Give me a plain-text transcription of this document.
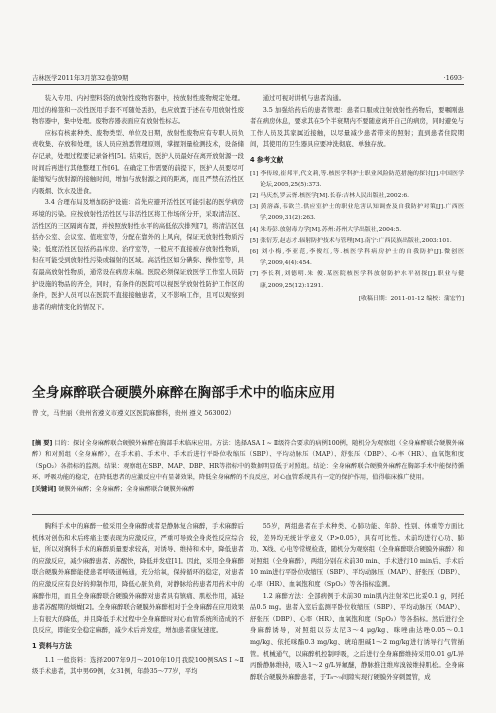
吉林医学2011年3月第32卷第9期	·1693·

装入专用、内衬塑料袋的放射性废物容器中，按放射性废物规定处理。用过的棉签和一次性医用手套不可随处丢扔，也应放置于述在专用放射性废物容器中，集中处理。废物容器表面应有放射性标志。

应标有核素种类、废物类型、单位及日期，放射性废物应有专职人员负责收集、存放和处理，该人员应熟悉管理原则，掌握剂量检测技术，设备储存记录，处理过程要记录备档[5]。结束后，医护人员最好在离开放射源一段时间后再进行其他整理工作[6]。在确定工作需要的前提下，医护人员要尽可能缩短与放射源的接触时间，增加与放射源之间的距离，而且严禁在活性区内吸烟、饮水及进食。

3.4 合理布局及增加防护设施：首先应避开活性区可能引起的医学病房环境的污染。应按放射性活性区与非活性区将工作场所分开，采取清洁区、活性区的三区隔离布置，并按照放射性水平的高低依次排列[7]，将清洁区包括办公室、会议室、值班室等，分配在靠外的上风向，保证无放射性物质污染；低度活性区包括药品库房、治疗室等，一般应不直接被存放射性物质，但在可能受到放射性污染或辐射的区域。高活性区如分碘弥、操作室等，具有最高放射性物质，通常设在病房末端。医院必须保证放医学工作室人员防护设施的物品的齐全，同时，有条件的医院可以视医学放射性防护工作区的条件，医护人员可以在医院不直接接触患者，又不影响工作，且可以观察到患者的病情变化的情况下。

通过可视对讲机与患者沟通。

3.5 加强给药后的患者管理：患者口服或注射放射性药物后，要嘱刚患者在病房休息，要求其在5个半衰期内不要随意离开自己的病房，同时避免与工作人员及其家属近接触，以尽量减少患者带来的照射；直到患者住院期间，其使用的卫生器具应要冲洗彻底、单独存放。

4 参考文献
[1] 李传琼,崔邦平,代文莉,等.核医学科护士职业风险防范措施的探讨[J].中国医学论坛,2005,25(5):373.
[2] 马庆杰,罗云胥.核医学[M].长春:吉林人民出版社,2002:6.
[3] 黄溶森,韦欲兰.供应室护士的职业危害认知调查及自我防护对策[J].广西医学,2009,31(2):263.
[4] 朱寿彭.放射毒力学[M].苏州:苏州大学出版社,2004:5.
[5] 张衍芳,赵志才.辐射防护技术与管理[M].南宁:广西民族出版社,2003:101.
[6] 刘小梅,李亚范,李俊红,等.核医学科病房护士的自我防护[J].微创医学,2009,4(4):454.
[7] 李长利,刘德明.朱 俊.某医院核医学科放射防护水平初探[J].职业与健康,2009,25(12):1291.
[收稿日期：2011-01-12 编校：蒲宏竹]
全身麻醉联合硬膜外麻醉在胸部手术中的临床应用
曾 文，马世丽（贵州省遵义市遵义区医院麻醉科，贵州 遵义 563002）
[摘 要] 目的：探讨全身麻醉联合硬膜外麻醉在胸部手术临床应用。方法：选择ASA I ~ Ⅱ级符合要求的病例100例，随机分为观察组（全身麻醉联合硬膜外麻醉）和对照组（全身麻醉），在手术前、手术中、手术后进行平卧位收缩压（SBP）、平均动脉压（MAP）、舒张压（DBP）、心率（HR）、血氧饱和度（SpO₂）各指标的监测。结果：观察组在SBP、MAP、DBP、HR等指标中的数据明显低于对照组。结论：全身麻醉联合硬膜外麻醉在胸部手术中能保持循环、呼吸功能的稳定，在降低患者的应激反应中有显著效果，降低全身麻醉的不良反应，对心血管系统具有一定的保护作用，值得临床推广使用。
[关键词] 硬膜外麻醉；全身麻醉；全身麻醉联合硬膜外麻醉

胸科手术中的麻醉一般采用全身麻醉或者是静脉复合麻醉，手术麻醉后机体对创伤和术后疼痛主要表现为应激反应，严重可导致全身炎性反应综合征，所以对胸科手术的麻醉质量要求较高，对诱导、维持和术中，降低患者的应激反应，减少麻醉患者、苏醒快，降低并发症[1]。因此，采用全身麻醉联合硬膜外麻醉能使患者呼吸道畅通，充分给氧，保持循环的稳定，对患者的应激反应有良好的抑制作用，降低心脏负荷，对静脉给药患者用药术中的麻醉作用，而且全身麻醉联合硬膜外麻醉对患者具有镇痛、肌松作用，减轻患者苏醒期的烦燥[2]。全身麻醉联合硬膜外麻醉相对于全身麻醉在应用效果上有很大的降低，并且降低手术过程中全身麻醉时对心血管系统所造成的不良反应，即能安全稳定麻醉，减少术后并发症，增加患者康复速度。

1 资料与方法

1.1 一般资料：选择2007年9月～2010年10月我院100例SAS I ~Ⅱ级手术患者，其中男69例，女31例，年龄35～77岁，平均

55岁，两组患者在手术种类、心肺功能、年龄、性别、体重等方面比较，差异均无统计学意义（P>0.05），具有可比性。术前均进行心功、肺功、X线、心电等常规检查，随机分为观察组（全身麻醉联合硬膜外麻醉）和对照组（全身麻醉），两组分别在术前30 min、手术进行10 min后、手术后10 min进行平卧位收缩压（SBP）、平均动脉压（MAP）、舒张压（DBP）、心率（HR）、血氧饱和度（SpO₂）等各指标监测。

1.2 麻醉方法：全部病例于术前30 min肌内注射苯巴比妥0.1 g，阿托品0.5 mg。患者入室后监测平卧位收缩压（SBP）、平均动脉压（MAP）、舒张压（DBP）、心率（HR）、血氧饱和度（SpO₂）等各指标。然后进行全身麻醉诱导，对照组以芬太尼3～4 μg/kg、咪唑曲达唑0.05～0.1 mg/kg、依托咪酯0.3 mg/kg、琥珀胆碱1～2 mg/kg进行诱导行气管插管。机械通气，以麻醉机控制呼吸，之后进行全身麻醉维持采用0.01 g/L异丙酚静脉维持，吸入1～2 g/L异氟醚，静脉推注维库溴铵维持肌松。全身麻醉联合硬膜外麻醉患者，于T₈～₉间隙实现行硬膜外穿刺置管，成
